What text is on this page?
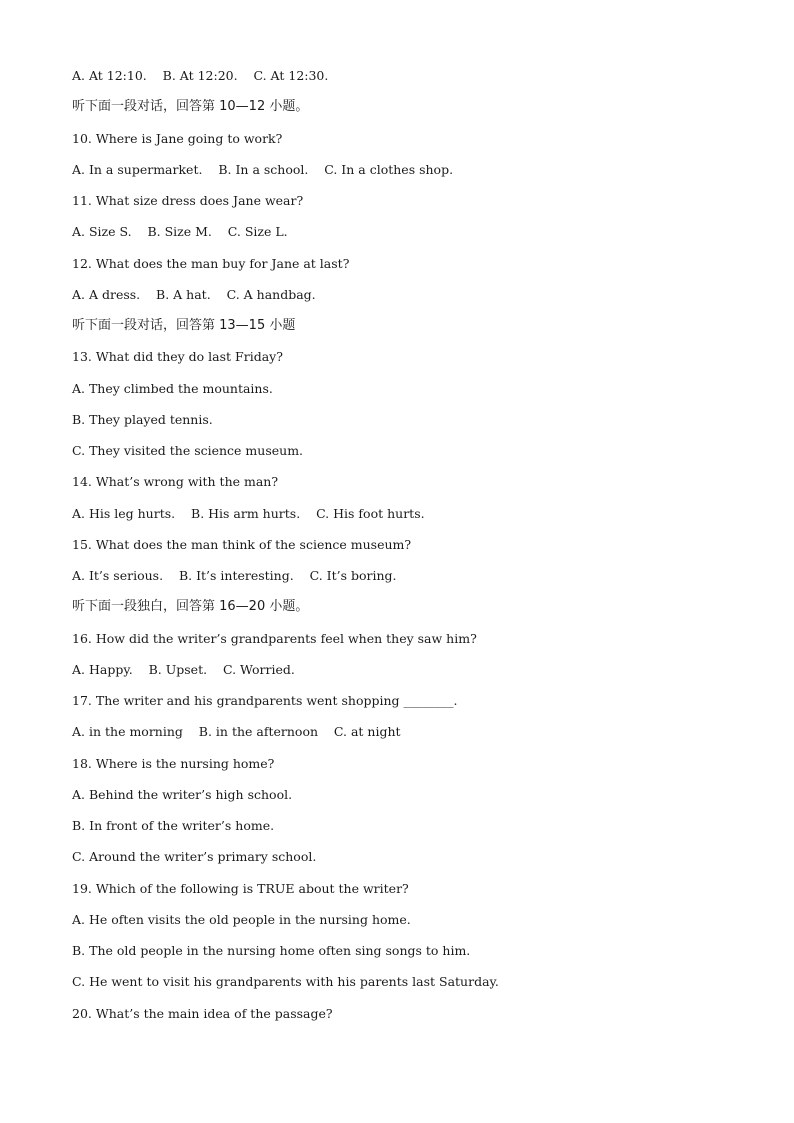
A. At 12:10.    B. At 12:20.    C. At 12:30.

听下面一段对话，回答第 10—12 小题。

10. Where is Jane going to work?

A. In a supermarket.    B. In a school.    C. In a clothes shop.

11. What size dress does Jane wear?

A. Size S.    B. Size M.    C. Size L.

12. What does the man buy for Jane at last?

A. A dress.    B. A hat.    C. A handbag.

听下面一段对话，回答第 13—15 小题

13. What did they do last Friday?

A. They climbed the mountains.

B. They played tennis.

C. They visited the science museum.

14. What’s wrong with the man?

A. His leg hurts.    B. His arm hurts.    C. His foot hurts.

15. What does the man think of the science museum?

A. It’s serious.    B. It’s interesting.    C. It’s boring.

听下面一段独白，回答第 16—20 小题。

16. How did the writer’s grandparents feel when they saw him?

A. Happy.    B. Upset.    C. Worried.

17. The writer and his grandparents went shopping ________.

A. in the morning    B. in the afternoon    C. at night

18. Where is the nursing home?

A. Behind the writer’s high school.

B. In front of the writer’s home.

C. Around the writer’s primary school.

19. Which of the following is TRUE about the writer?

A. He often visits the old people in the nursing home.

B. The old people in the nursing home often sing songs to him.

C. He went to visit his grandparents with his parents last Saturday.

20. What’s the main idea of the passage?
